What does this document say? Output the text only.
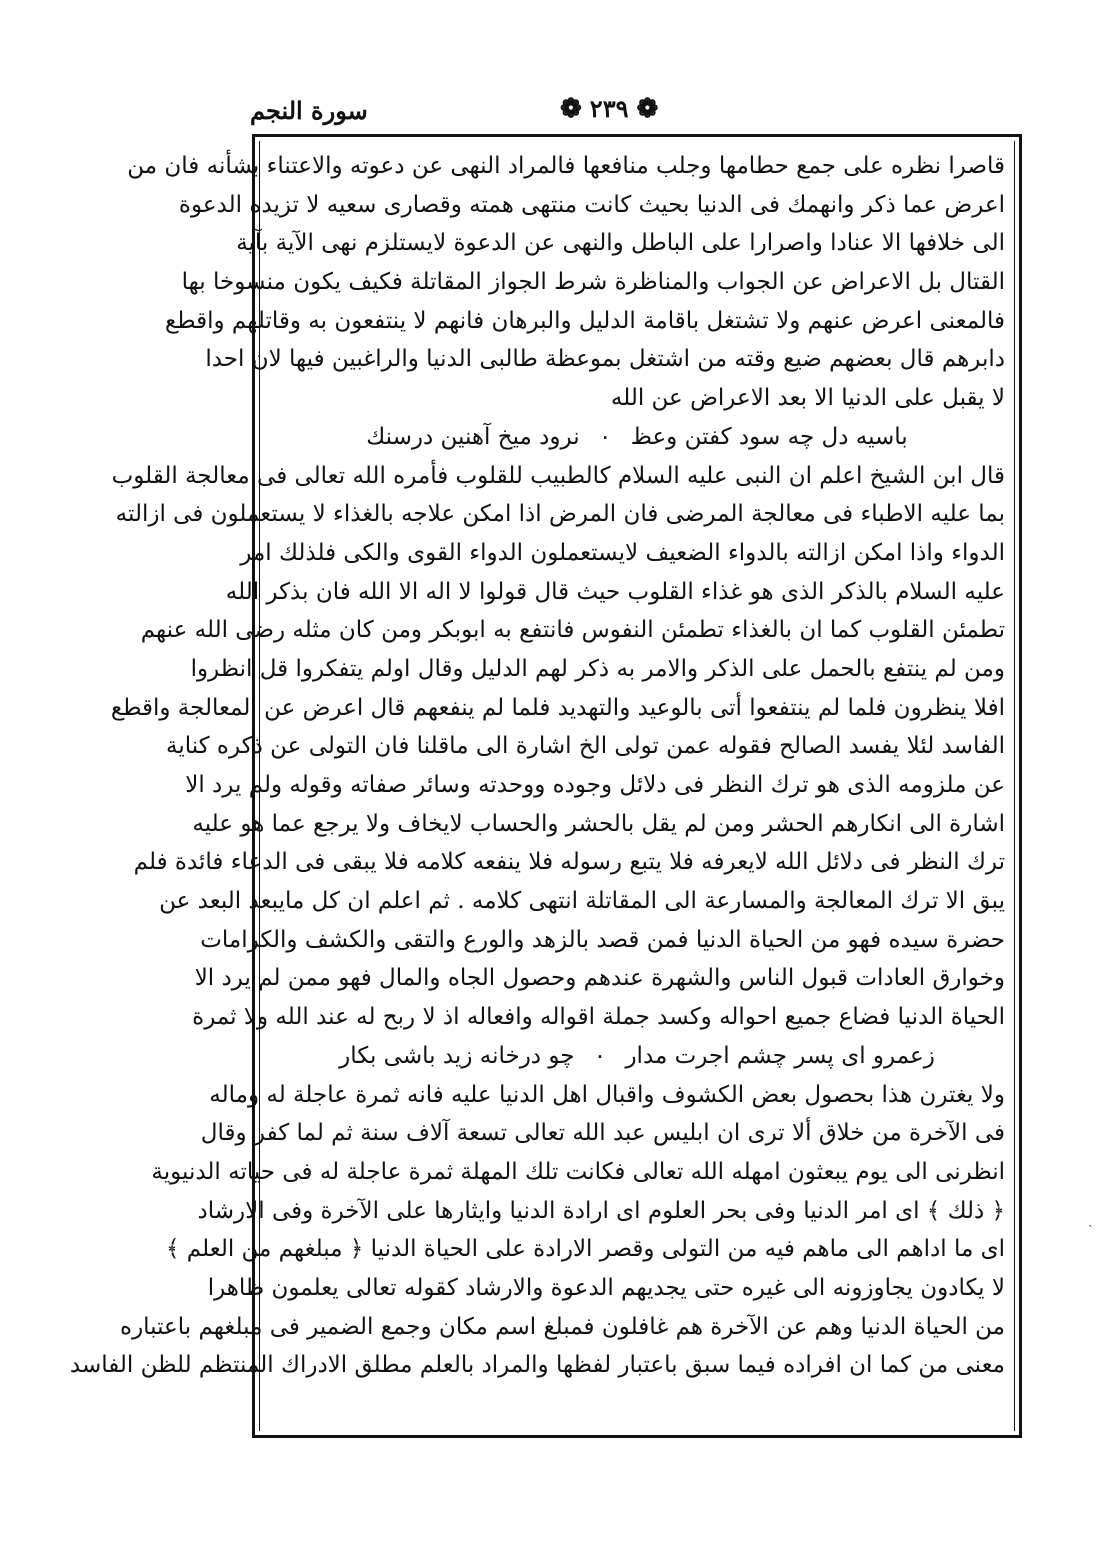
سورة النجم	❁ ٢٣٩ ❁
قاصرا نظره على جمع حطامها وجلب منافعها فالمراد النهى عن دعوته والاعتناء بشأنه فان من
اعرض عما ذكر وانهمك فى الدنيا بحيث كانت منتهى همته وقصارى سعيه لا تزيده الدعوة
الى خلافها الا عنادا واصرارا على الباطل والنهى عن الدعوة لايستلزم نهى الآية بآية
القتال بل الاعراض عن الجواب والمناظرة شرط الجواز المقاتلة فكيف يكون منسوخا بها
فالمعنى اعرض عنهم ولا تشتغل باقامة الدليل والبرهان فانهم لا ينتفعون به وقاتلهم واقطع
دابرهم قال بعضهم ضيع وقته من اشتغل بموعظة طالبى الدنيا والراغبين فيها لان احدا
لا يقبل على الدنيا الا بعد الاعراض عن الله
باسيه دل چه سود كفتن وعظ ۰ نرود ميخ آهنين درسنك
قال ابن الشيخ اعلم ان النبى عليه السلام كالطبيب للقلوب فأمره الله تعالى فى معالجة القلوب
بما عليه الاطباء فى معالجة المرضى فان المرض اذا امكن علاجه بالغذاء لا يستعملون فى ازالته
الدواء واذا امكن ازالته بالدواء الضعيف لايستعملون الدواء القوى والكى فلذلك امر
عليه السلام بالذكر الذى هو غذاء القلوب حيث قال قولوا لا اله الا الله فان بذكر الله
تطمئن القلوب كما ان بالغذاء تطمئن النفوس فانتفع به ابوبكر ومن كان مثله رضى الله عنهم
ومن لم ينتفع بالحمل على الذكر والامر به ذكر لهم الدليل وقال اولم يتفكروا قل انظروا
افلا ينظرون فلما لم ينتفعوا أتى بالوعيد والتهديد فلما لم ينفعهم قال اعرض عن المعالجة واقطع
الفاسد لئلا يفسد الصالح فقوله عمن تولى الخ اشارة الى ماقلنا فان التولى عن ذكره كناية
عن ملزومه الذى هو ترك النظر فى دلائل وجوده ووحدته وسائر صفاته وقوله ولم يرد الا
اشارة الى انكارهم الحشر ومن لم يقل بالحشر والحساب لايخاف ولا يرجع عما هو عليه
ترك النظر فى دلائل الله لايعرفه فلا يتبع رسوله فلا ينفعه كلامه فلا يبقى فى الدعاء فائدة فلم
يبق الا ترك المعالجة والمسارعة الى المقاتلة انتهى كلامه . ثم اعلم ان كل مايبعد البعد عن
حضرة سيده فهو من الحياة الدنيا فمن قصد بالزهد والورع والتقى والكشف والكرامات
وخوارق العادات قبول الناس والشهرة عندهم وحصول الجاه والمال فهو ممن لم يرد الا
الحياة الدنيا فضاع جميع احواله وكسد جملة اقواله وافعاله اذ لا ربح له عند الله ولا ثمرة
زعمرو اى پسر چشم اجرت مدار ۰ چو درخانه زيد باشى بكار
ولا يغترن هذا بحصول بعض الكشوف واقبال اهل الدنيا عليه فانه ثمرة عاجلة له وماله
فى الآخرة من خلاق ألا ترى ان ابليس عبد الله تعالى تسعة آلاف سنة ثم لما كفر وقال
انظرنى الى يوم يبعثون امهله الله تعالى فكانت تلك المهلة ثمرة عاجلة له فى حياته الدنيوية
﴿ ذلك ﴾ اى امر الدنيا وفى بحر العلوم اى ارادة الدنيا وايثارها على الآخرة وفى الارشاد
اى ما اداهم الى ماهم فيه من التولى وقصر الارادة على الحياة الدنيا ﴿ مبلغهم من العلم ﴾
لا يكادون يجاوزونه الى غيره حتى يجديهم الدعوة والارشاد كقوله تعالى يعلمون ظاهرا
من الحياة الدنيا وهم عن الآخرة هم غافلون فمبلغ اسم مكان وجمع الضمير فى مبلغهم باعتباره
معنى من كما ان افراده فيما سبق باعتبار لفظها والمراد بالعلم مطلق الادراك المنتظم للظن الفاسد
ˏ
